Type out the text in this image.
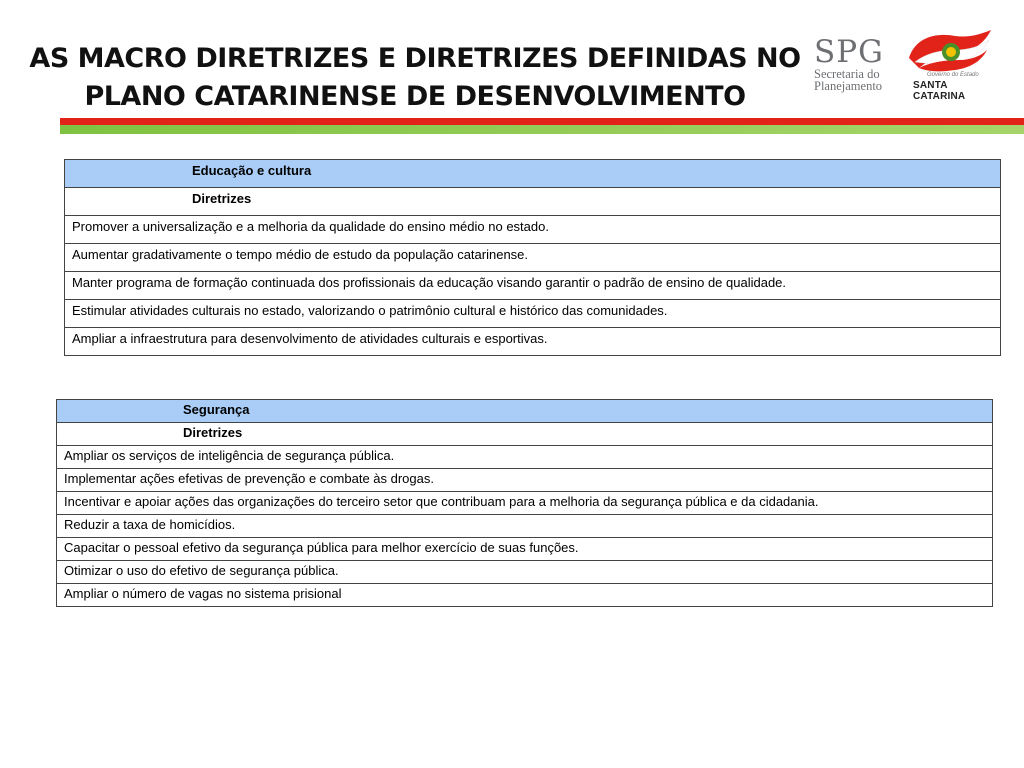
AS MACRO DIRETRIZES E DIRETRIZES DEFINIDAS NO
PLANO CATARINENSE DE DESENVOLVIMENTO
SPG
Secretaria do
Planejamento
Governo do Estado
SANTA CATARINA
Educação e cultura
Diretrizes
Promover a universalização e a melhoria da qualidade do ensino médio no estado.
Aumentar gradativamente o tempo médio de estudo da população catarinense.
Manter programa de formação continuada dos profissionais da educação visando garantir o padrão de ensino de qualidade.
Estimular atividades culturais no estado, valorizando o patrimônio cultural e histórico das comunidades.
Ampliar a infraestrutura para desenvolvimento de atividades culturais e esportivas.
Segurança
Diretrizes
Ampliar os serviços de inteligência de segurança pública.
Implementar ações efetivas de prevenção e combate às drogas.
Incentivar e apoiar ações das organizações do terceiro setor que contribuam para a melhoria da segurança pública e da cidadania.
Reduzir a taxa de homicídios.
Capacitar o pessoal efetivo da segurança pública para melhor exercício de suas funções.
Otimizar o uso do efetivo de segurança pública.
Ampliar o número de vagas no sistema prisional
